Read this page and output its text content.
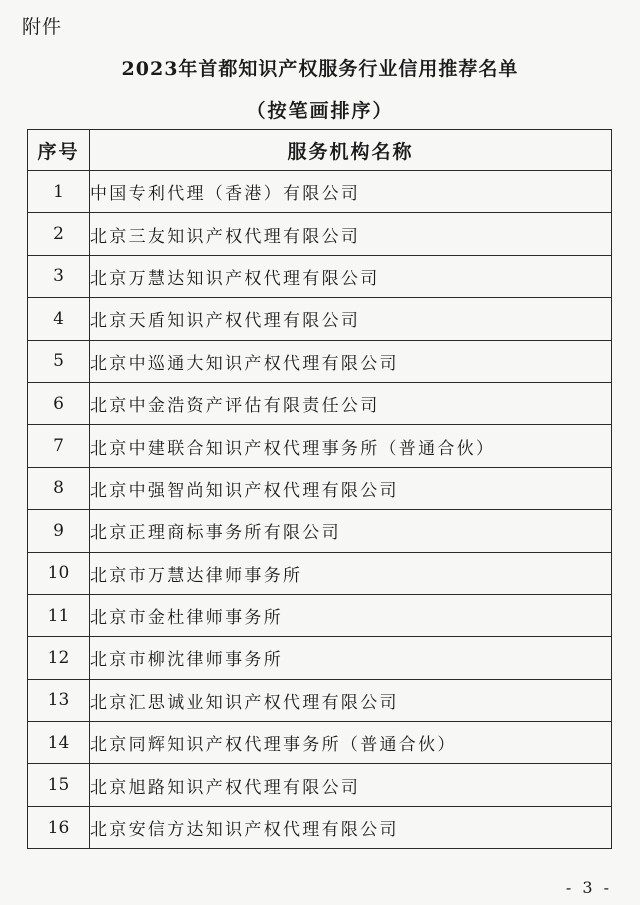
附件
2023年首都知识产权服务行业信用推荐名单
（按笔画排序）
序号	服务机构名称
1	中国专利代理（香港）有限公司
2	北京三友知识产权代理有限公司
3	北京万慧达知识产权代理有限公司
4	北京天盾知识产权代理有限公司
5	北京中巡通大知识产权代理有限公司
6	北京中金浩资产评估有限责任公司
7	北京中建联合知识产权代理事务所（普通合伙）
8	北京中强智尚知识产权代理有限公司
9	北京正理商标事务所有限公司
10	北京市万慧达律师事务所
11	北京市金杜律师事务所
12	北京市柳沈律师事务所
13	北京汇思诚业知识产权代理有限公司
14	北京同辉知识产权代理事务所（普通合伙）
15	北京旭路知识产权代理有限公司
16	北京安信方达知识产权代理有限公司
- 3 -
